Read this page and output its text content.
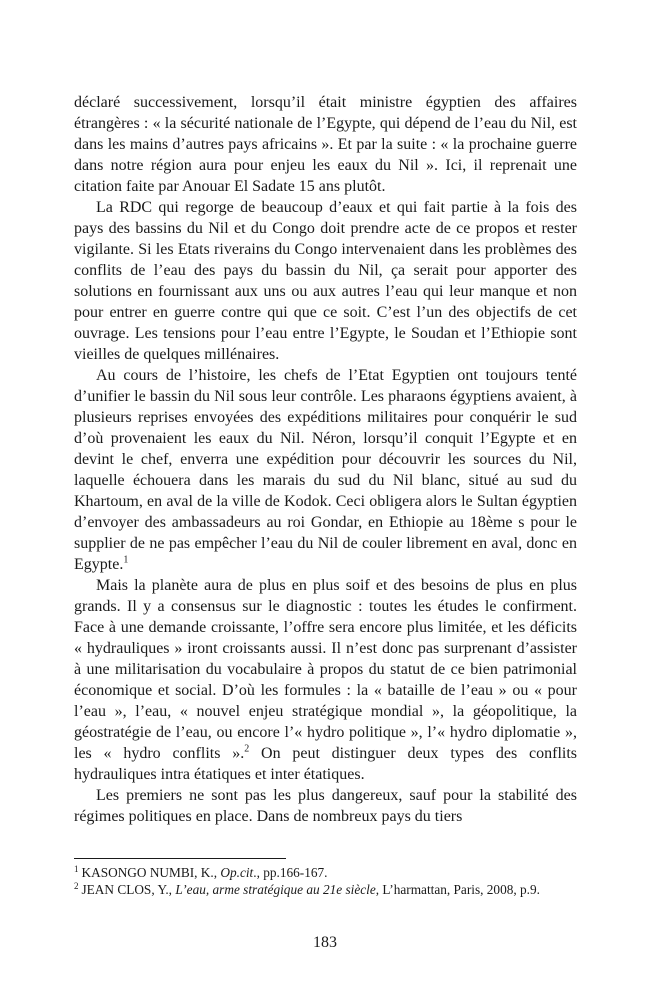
déclaré successivement, lorsqu’il était ministre égyptien des affaires étrangères : « la sécurité nationale de l’Egypte, qui dépend de l’eau du Nil, est dans les mains d’autres pays africains ». Et par la suite : « la prochaine guerre dans notre région aura pour enjeu les eaux du Nil ». Ici, il reprenait une citation faite par Anouar El Sadate 15 ans plutôt.

La RDC qui regorge de beaucoup d’eaux et qui fait partie à la fois des pays des bassins du Nil et du Congo doit prendre acte de ce propos et rester vigilante. Si les Etats riverains du Congo intervenaient dans les problèmes des conflits de l’eau des pays du bassin du Nil, ça serait pour apporter des solutions en fournissant aux uns ou aux autres l’eau qui leur manque et non pour entrer en guerre contre qui que ce soit. C’est l’un des objectifs de cet ouvrage. Les tensions pour l’eau entre l’Egypte, le Soudan et l’Ethiopie sont vieilles de quelques millénaires.

Au cours de l’histoire, les chefs de l’Etat Egyptien ont toujours tenté d’unifier le bassin du Nil sous leur contrôle. Les pharaons égyptiens avaient, à plusieurs reprises envoyées des expéditions militaires pour conquérir le sud d’où provenaient les eaux du Nil. Néron, lorsqu’il conquit l’Egypte et en devint le chef, enverra une expédition pour découvrir les sources du Nil, laquelle échouera dans les marais du sud du Nil blanc, situé au sud du Khartoum, en aval de la ville de Kodok. Ceci obligera alors le Sultan égyptien d’envoyer des ambassadeurs au roi Gondar, en Ethiopie au 18ème s pour le supplier de ne pas empêcher l’eau du Nil de couler librement en aval, donc en Egypte.$^1$

Mais la planète aura de plus en plus soif et des besoins de plus en plus grands. Il y a consensus sur le diagnostic : toutes les études le confirment. Face à une demande croissante, l’offre sera encore plus limitée, et les déficits « hydrauliques » iront croissants aussi. Il n’est donc pas surprenant d’assister à une militarisation du vocabulaire à propos du statut de ce bien patrimonial économique et social. D’où les formules : la « bataille de l’eau » ou « pour l’eau », l’eau, « nouvel enjeu stratégique mondial », la géopolitique, la géostratégie de l’eau, ou encore l’« hydro politique », l’« hydro diplomatie », les « hydro conflits ».$^2$ On peut distinguer deux types des conflits hydrauliques intra étatiques et inter étatiques.

Les premiers ne sont pas les plus dangereux, sauf pour la stabilité des régimes politiques en place. Dans de nombreux pays du tiers

$^1$ KASONGO NUMBI, K., Op.cit., pp.166-167.

$^2$ JEAN CLOS, Y., L’eau, arme stratégique au 21e siècle, L’harmattan, Paris, 2008, p.9.

183
